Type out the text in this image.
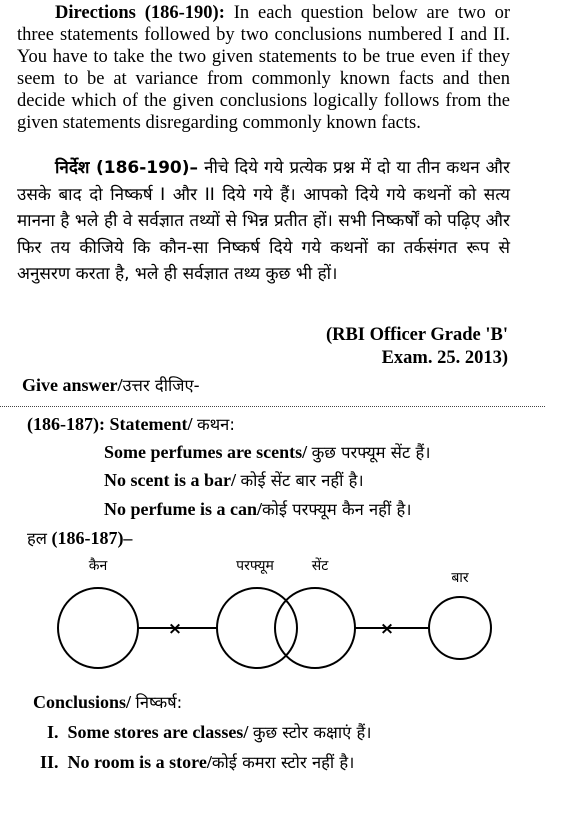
Directions (186-190): In each question below are two or three statements followed by two conclusions numbered I and II. You have to take the two given statements to be true even if they seem to be at variance from commonly known facts and then decide which of the given conclusions logically follows from the given statements disregarding commonly known facts.
निर्देश (186-190)– नीचे दिये गये प्रत्येक प्रश्न में दो या तीन कथन और उसके बाद दो निष्कर्ष I और II दिये गये हैं। आपको दिये गये कथनों को सत्य मानना है भले ही वे सर्वज्ञात तथ्यों से भिन्न प्रतीत हों। सभी निष्कर्षों को पढ़िए और फिर तय कीजिये कि कौन-सा निष्कर्ष दिये गये कथनों का तर्कसंगत रूप से अनुसरण करता है, भले ही सर्वज्ञात तथ्य कुछ भी हों।
(RBI Officer Grade 'B'
Exam. 25. 2013)
Give answer/उत्तर दीजिए-
(186-187): Statement/ कथन:
Some perfumes are scents/ कुछ परफ्यूम सेंट हैं।
No scent is a bar/ कोई सेंट बार नहीं है।
No perfume is a can/कोई परफ्यूम कैन नहीं है।
हल (186-187)–
कैन	परफ्यूम	सेंट
बार
×	×
Conclusions/ निष्कर्ष:
I. Some stores are classes/ कुछ स्टोर कक्षाएं हैं।
II. No room is a store/कोई कमरा स्टोर नहीं है।
